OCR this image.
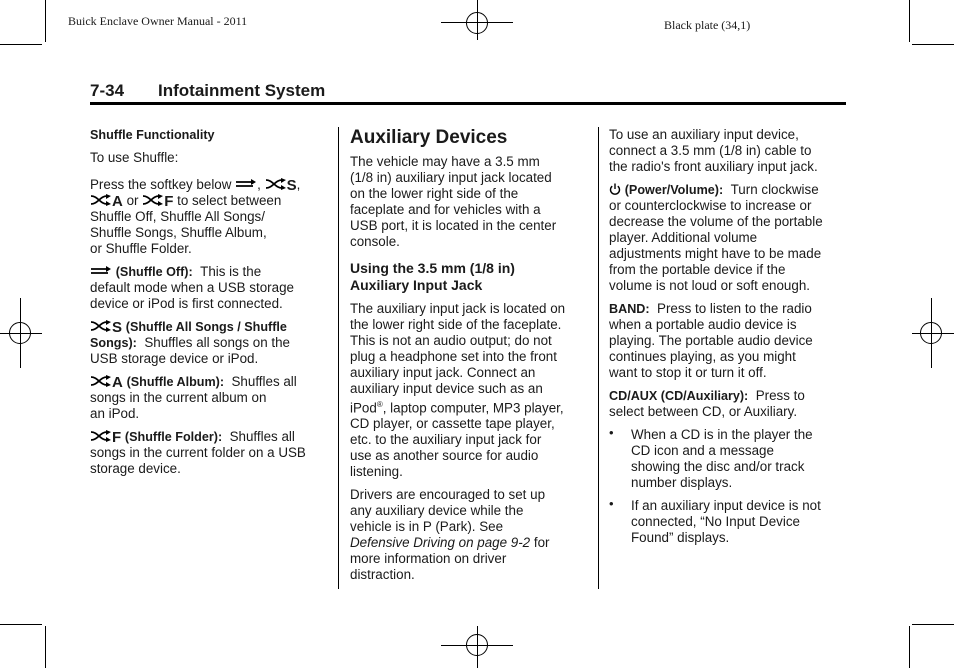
Buick Enclave Owner Manual - 2011	Black plate (34,1)
7-34 Infotainment System

Shuffle Functionality

To use Shuffle:

Press the softkey below , S,

A or F to select between

Shuffle Off, Shuffle All Songs/

Shuffle Songs, Shuffle Album,

or Shuffle Folder.

(Shuffle Off): This is the

default mode when a USB storage

device or iPod is first connected.

S (Shuffle All Songs / Shuffle

Songs): Shuffles all songs on the

USB storage device or iPod.

A (Shuffle Album): Shuffles all

songs in the current album on

an iPod.

F (Shuffle Folder): Shuffles all

songs in the current folder on a USB

storage device.

Auxiliary Devices

The vehicle may have a 3.5 mm

(1/8 in) auxiliary input jack located

on the lower right side of the

faceplate and for vehicles with a

USB port, it is located in the center

console.

Using the 3.5 mm (1/8 in)

Auxiliary Input Jack

The auxiliary input jack is located on

the lower right side of the faceplate.

This is not an audio output; do not

plug a headphone set into the front

auxiliary input jack. Connect an

auxiliary input device such as an

iPod®, laptop computer, MP3 player,

CD player, or cassette tape player,

etc. to the auxiliary input jack for

use as another source for audio

listening.

Drivers are encouraged to set up

any auxiliary device while the

vehicle is in P (Park). See

Defensive Driving on page 9-2 for

more information on driver

distraction.

To use an auxiliary input device,

connect a 3.5 mm (1/8 in) cable to

the radio's front auxiliary input jack.

(Power/Volume): Turn clockwise

or counterclockwise to increase or

decrease the volume of the portable

player. Additional volume

adjustments might have to be made

from the portable device if the

volume is not loud or soft enough.

BAND: Press to listen to the radio

when a portable audio device is

playing. The portable audio device

continues playing, as you might

want to stop it or turn it off.

CD/AUX (CD/Auxiliary): Press to

select between CD, or Auxiliary.

• When a CD is in the player the

CD icon and a message

showing the disc and/or track

number displays.

• If an auxiliary input device is not

connected, “No Input Device

Found” displays.
